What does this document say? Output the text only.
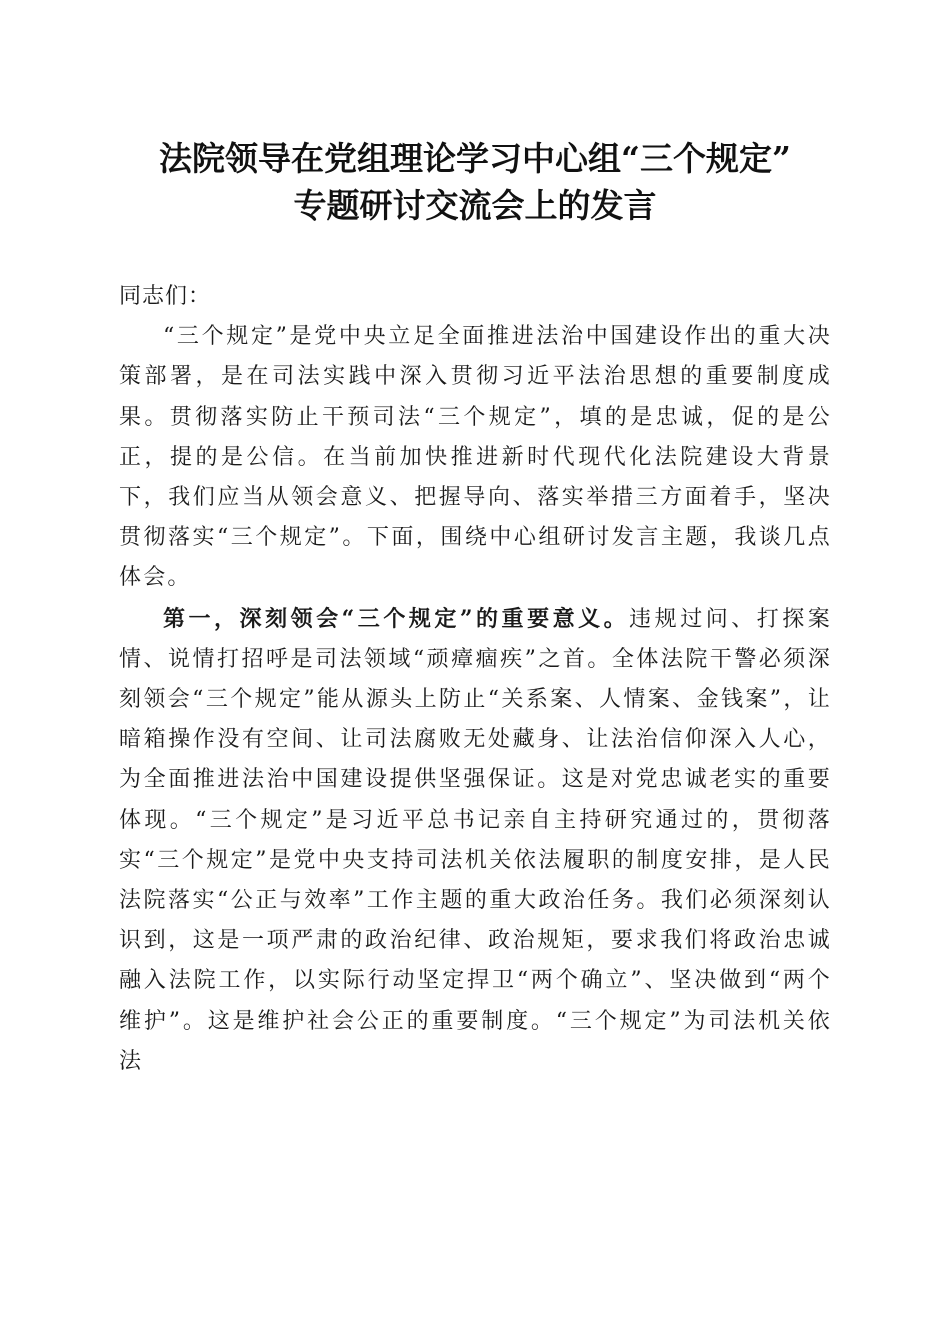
法院领导在党组理论学习中心组“三个规定”
专题研讨交流会上的发言

同志们：

“三个规定”是党中央立足全面推进法治中国建设作出的重大决策部署，是在司法实践中深入贯彻习近平法治思想的重要制度成果。贯彻落实防止干预司法“三个规定”，填的是忠诚，促的是公正，提的是公信。在当前加快推进新时代现代化法院建设大背景下，我们应当从领会意义、把握导向、落实举措三方面着手，坚决贯彻落实“三个规定”。下面，围绕中心组研讨发言主题，我谈几点体会。

第一，深刻领会“三个规定”的重要意义。违规过问、打探案情、说情打招呼是司法领域“顽瘴痼疾”之首。全体法院干警必须深刻领会“三个规定”能从源头上防止“关系案、人情案、金钱案”，让暗箱操作没有空间、让司法腐败无处藏身、让法治信仰深入人心，为全面推进法治中国建设提供坚强保证。这是对党忠诚老实的重要体现。“三个规定”是习近平总书记亲自主持研究通过的，贯彻落实“三个规定”是党中央支持司法机关依法履职的制度安排，是人民法院落实“公正与效率”工作主题的重大政治任务。我们必须深刻认识到，这是一项严肃的政治纪律、政治规矩，要求我们将政治忠诚融入法院工作，以实际行动坚定捍卫“两个确立”、坚决做到“两个维护”。这是维护社会公正的重要制度。“三个规定”为司法机关依法
